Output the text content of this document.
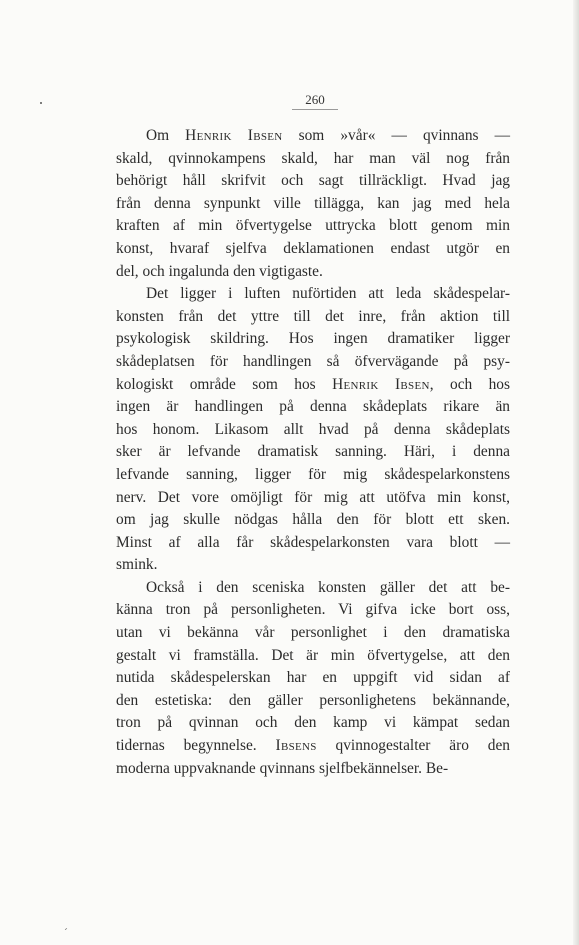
260
Om Henrik Ibsen som »vår« — qvinnans —
skald, qvinnokampens skald, har man väl nog från
behörigt håll skrifvit och sagt tillräckligt. Hvad jag
från denna synpunkt ville tillägga, kan jag med hela
kraften af min öfvertygelse uttrycka blott genom min
konst, hvaraf sjelfva deklamationen endast utgör en
del, och ingalunda den vigtigaste.
Det ligger i luften nuförtiden att leda skådespelar-
konsten från det yttre till det inre, från aktion till
psykologisk skildring. Hos ingen dramatiker ligger
skådeplatsen för handlingen så öfvervägande på psy-
kologiskt område som hos Henrik Ibsen, och hos
ingen är handlingen på denna skådeplats rikare än
hos honom. Likasom allt hvad på denna skådeplats
sker är lefvande dramatisk sanning. Häri, i denna
lefvande sanning, ligger för mig skådespelarkonstens
nerv. Det vore omöjligt för mig att utöfva min konst,
om jag skulle nödgas hålla den för blott ett sken.
Minst af alla får skådespelarkonsten vara blott —
smink.
Också i den sceniska konsten gäller det att be-
känna tron på personligheten. Vi gifva icke bort oss,
utan vi bekänna vår personlighet i den dramatiska
gestalt vi framställa. Det är min öfvertygelse, att den
nutida skådespelerskan har en uppgift vid sidan af
den estetiska: den gäller personlighetens bekännande,
tron på qvinnan och den kamp vi kämpat sedan
tidernas begynnelse. Ibsens qvinnogestalter äro den
moderna uppvaknande qvinnans sjelfbekännelser. Be-
´
